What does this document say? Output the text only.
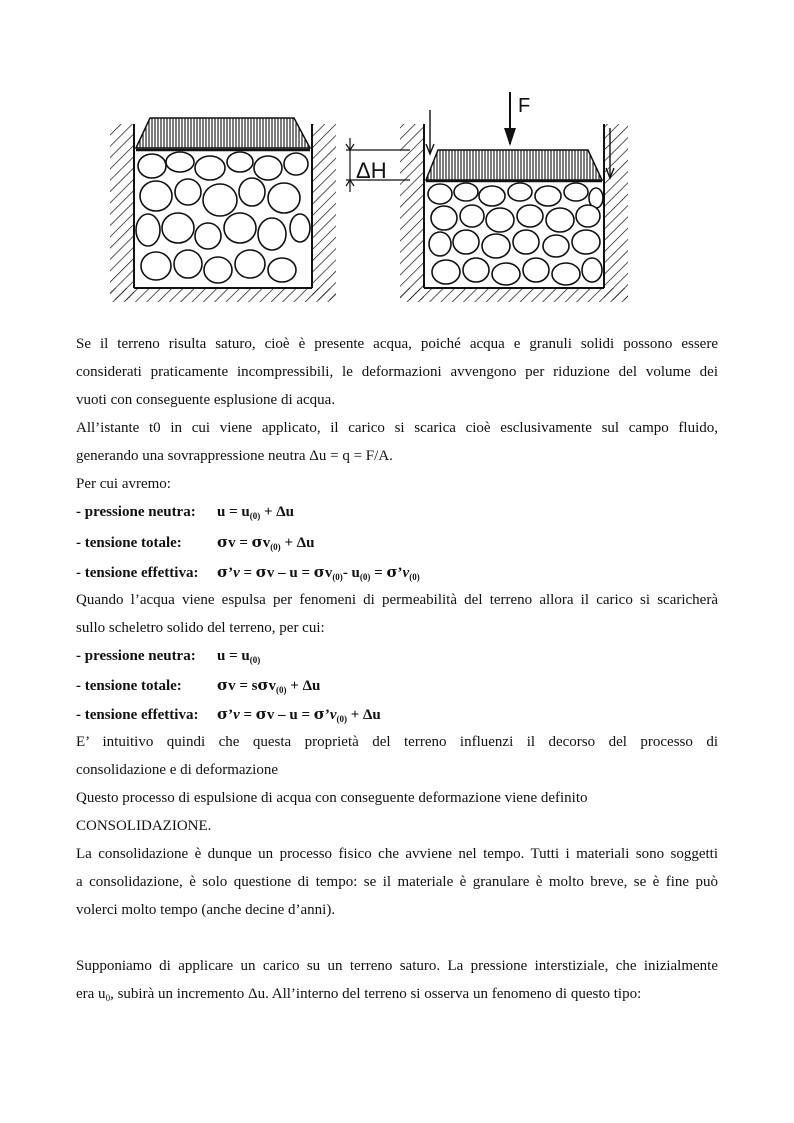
ΔH
F
Se il terreno risulta saturo, cioè è presente acqua, poiché acqua e granuli solidi possono essere
considerati praticamente incompressibili, le deformazioni avvengono per riduzione del volume dei
vuoti con conseguente esplusione di acqua.
All’istante t0 in cui viene applicato, il carico si scarica cioè esclusivamente sul campo fluido,
generando una sovrappressione neutra Δu = q = F/A.
Per cui avremo:
- pressione neutra: $u = u_{(0)} + \Delta u$
- tensione totale: $\sigma v = \sigma v_{(0)} + \Delta u$
- tensione effettiva: σ’v = $\sigma v - u = \sigma v_{(0)}-$ $u_{(0)}$ = $\sigma’v_{(0)}$
Quando l’acqua viene espulsa per fenomeni di permeabilità del terreno allora il carico si scaricherà
sullo scheletro solido del terreno, per cui:
- pressione neutra: $u = u_{(0)}$
- tensione totale: σv = sσv$_{(0)}$ + Δu
- tensione effettiva: σ’v = $\sigma v - u = \sigma’v_{(0)} + \Delta u$
E’ intuitivo quindi che questa proprietà del terreno influenzi il decorso del processo di
consolidazione e di deformazione
Questo processo di espulsione di acqua con conseguente deformazione viene definito
CONSOLIDAZIONE.
La consolidazione è dunque un processo fisico che avviene nel tempo. Tutti i materiali sono soggetti
a consolidazione, è solo questione di tempo: se il materiale è granulare è molto breve, se è fine può
volerci molto tempo (anche decine d’anni).
Supponiamo di applicare un carico su un terreno saturo. La pressione interstiziale, che inizialmente
era $u_0$, subirà un incremento Δu. All’interno del terreno si osserva un fenomeno di questo tipo:
